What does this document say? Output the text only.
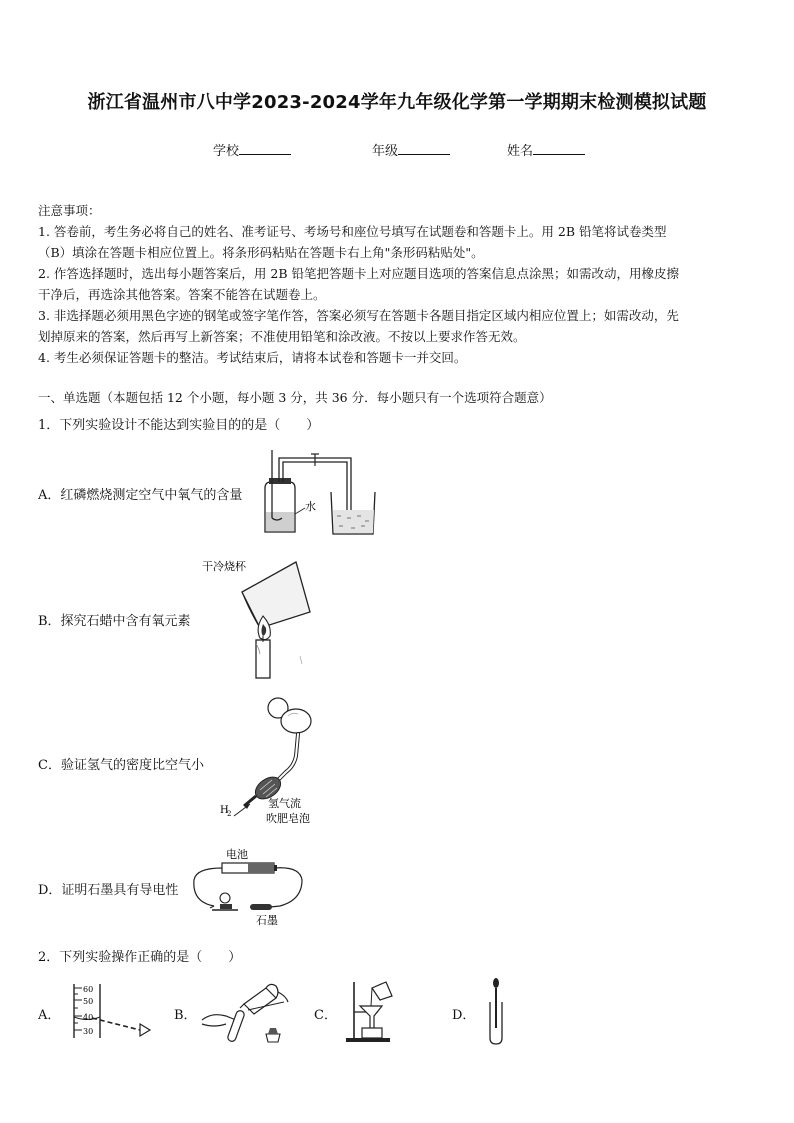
浙江省温州市八中学2023-2024学年九年级化学第一学期期末检测模拟试题
学校	年级	姓名
注意事项：
1. 答卷前，考生务必将自己的姓名、准考证号、考场号和座位号填写在试题卷和答题卡上。用 2B 铅笔将试卷类型
（B）填涂在答题卡相应位置上。将条形码粘贴在答题卡右上角"条形码粘贴处"。
2. 作答选择题时，选出每小题答案后，用 2B 铅笔把答题卡上对应题目选项的答案信息点涂黑；如需改动，用橡皮擦
干净后，再选涂其他答案。答案不能答在试题卷上。
3. 非选择题必须用黑色字迹的钢笔或签字笔作答，答案必须写在答题卡各题目指定区域内相应位置上；如需改动，先
划掉原来的答案，然后再写上新答案；不准使用铅笔和涂改液。不按以上要求作答无效。
4. 考生必须保证答题卡的整洁。考试结束后，请将本试卷和答题卡一并交回。
一、单选题（本题包括 12 个小题，每小题 3 分，共 36 分．每小题只有一个选项符合题意）
1．下列实验设计不能达到实验目的的是（　　）
A．红磷燃烧测定空气中氧气的含量
水
B．探究石蜡中含有氧元素
干冷烧杯
C．验证氢气的密度比空气小
H
2
氢气流
吹肥皂泡
D．证明石墨具有导电性
电池
石墨
2．下列实验操作正确的是（　　）
A．
60
50
40
30
B．	C．	D．
